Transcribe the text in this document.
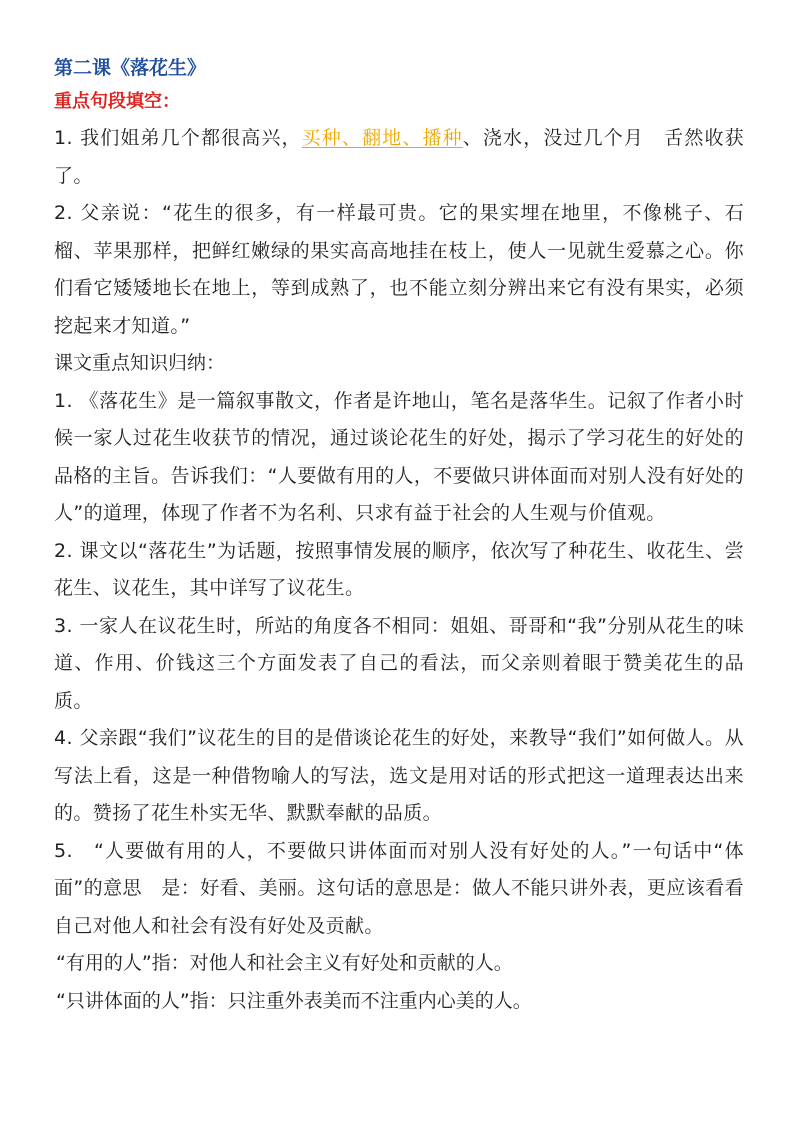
第二课《落花生》
重点句段填空：

1. 我们姐弟几个都很高兴，买种、翻地、播种、浇水，没过几个月　舌然收获了。

2. 父亲说：“花生的很多，有一样最可贵。它的果实埋在地里，不像桃子、石榴、苹果那样，把鲜红嫩绿的果实高高地挂在枝上，使人一见就生爱慕之心。你们看它矮矮地长在地上，等到成熟了，也不能立刻分辨出来它有没有果实，必须挖起来才知道。”

课文重点知识归纳：

1. 《落花生》是一篇叙事散文，作者是许地山，笔名是落华生。记叙了作者小时候一家人过花生收获节的情况，通过谈论花生的好处，揭示了学习花生的好处的品格的主旨。告诉我们：“人要做有用的人，不要做只讲体面而对别人没有好处的人”的道理，体现了作者不为名利、只求有益于社会的人生观与价值观。

2. 课文以“落花生”为话题，按照事情发展的顺序，依次写了种花生、收花生、尝花生、议花生，其中详写了议花生。

3. 一家人在议花生时，所站的角度各不相同：姐姐、哥哥和“我”分别从花生的味道、作用、价钱这三个方面发表了自己的看法，而父亲则着眼于赞美花生的品质。

4. 父亲跟“我们”议花生的目的是借谈论花生的好处，来教导“我们”如何做人。从写法上看，这是一种借物喻人的写法，选文是用对话的形式把这一道理表达出来的。赞扬了花生朴实无华、默默奉献的品质。

5.　“人要做有用的人，不要做只讲体面而对别人没有好处的人。”一句话中“体面”的意思　是：好看、美丽。这句话的意思是：做人不能只讲外表，更应该看看自己对他人和社会有没有好处及贡献。

“有用的人”指：对他人和社会主义有好处和贡献的人。

“只讲体面的人”指：只注重外表美而不注重内心美的人。
